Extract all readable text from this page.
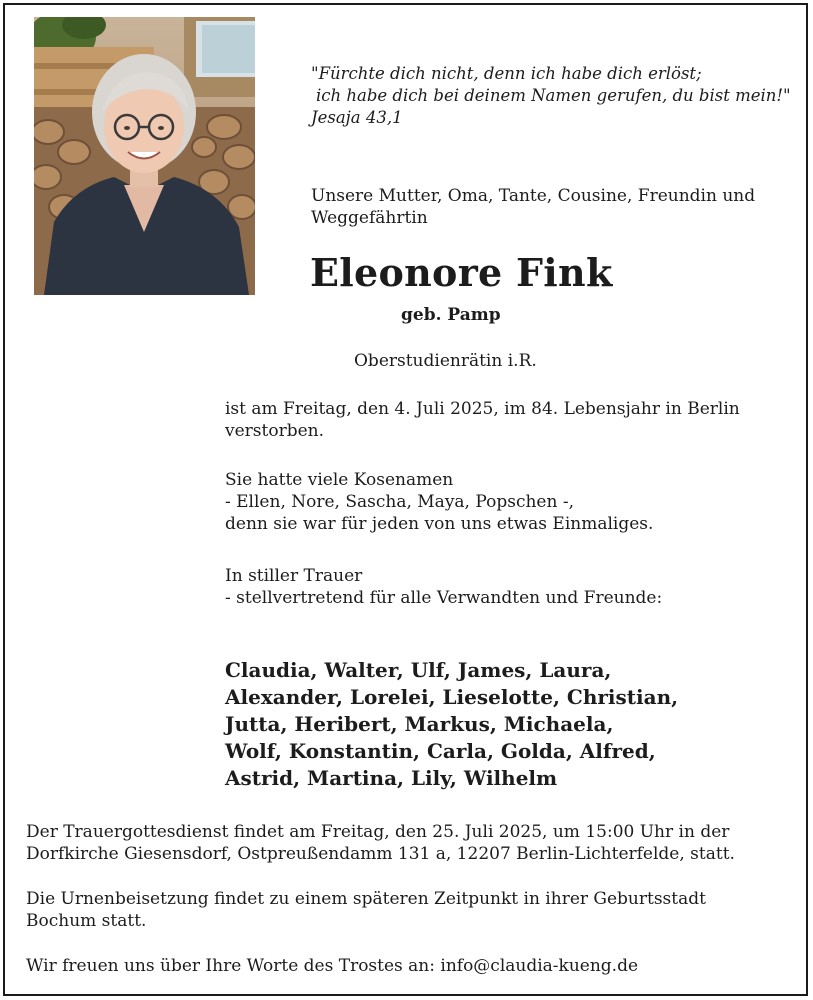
"Fürchte dich nicht, denn ich habe dich erlöst;
ich habe dich bei deinem Namen gerufen, du bist mein!"
Jesaja 43,1
Unsere Mutter, Oma, Tante, Cousine, Freundin und
Weggefährtin
Eleonore Fink
geb. Pamp
Oberstudienrätin i.R.
ist am Freitag, den 4. Juli 2025, im 84. Lebensjahr in Berlin
verstorben.
Sie hatte viele Kosenamen
- Ellen, Nore, Sascha, Maya, Popschen -,
denn sie war für jeden von uns etwas Einmaliges.
In stiller Trauer
- stellvertretend für alle Verwandten und Freunde:
Claudia, Walter, Ulf, James, Laura,
Alexander, Lorelei, Lieselotte, Christian,
Jutta, Heribert, Markus, Michaela,
Wolf, Konstantin, Carla, Golda, Alfred,
Astrid, Martina, Lily, Wilhelm
Der Trauergottesdienst findet am Freitag, den 25. Juli 2025, um 15:00 Uhr in der
Dorfkirche Giesensdorf, Ostpreußendamm 131 a, 12207 Berlin-Lichterfelde, statt.
Die Urnenbeisetzung findet zu einem späteren Zeitpunkt in ihrer Geburtsstadt
Bochum statt.
Wir freuen uns über Ihre Worte des Trostes an: info@claudia-kueng.de
